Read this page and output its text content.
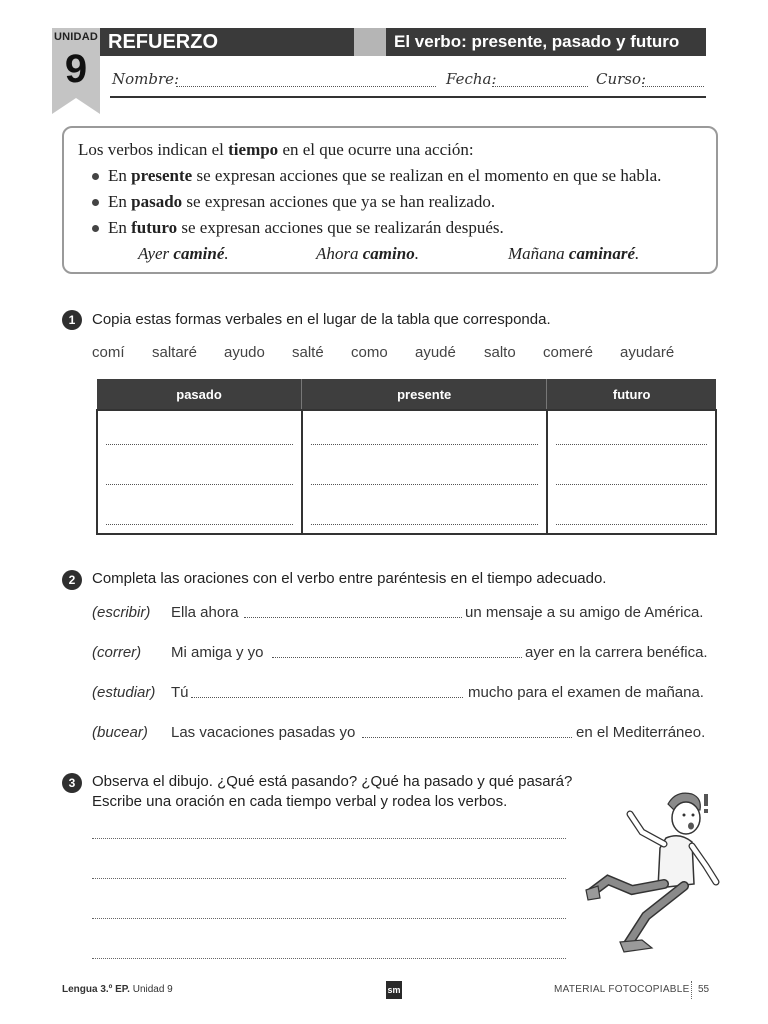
UNIDAD
9
REFUERZO	El verbo: presente, pasado y futuro
Nombre:	Fecha:	Curso:
Los verbos indican el tiempo en el que ocurre una acción:
En presente se expresan acciones que se realizan en el momento en que se habla.
En pasado se expresan acciones que ya se han realizado.
En futuro se expresan acciones que se realizarán después.
Ayer caminé.	Ahora camino.	Mañana caminaré.
1	Copia estas formas verbales en el lugar de la tabla que corresponda.
comí saltaré ayudo salté como ayudé salto comeré ayudaré
pasado	presente	futuro

2	Completa las oraciones con el verbo entre paréntesis en el tiempo adecuado.
(escribir) Ella ahora	un mensaje a su amigo de América.
(correr) Mi amiga y yo	ayer en la carrera benéfica.
(estudiar) Tú	mucho para el examen de mañana.
(bucear) Las vacaciones pasadas yo	en el Mediterráneo.
3	Observa el dibujo. ¿Qué está pasando? ¿Qué ha pasado y qué pasará?
Escribe una oración en cada tiempo verbal y rodea los verbos.
Lengua 3.º EP. Unidad 9	sm	MATERIAL FOTOCOPIABLE 55
